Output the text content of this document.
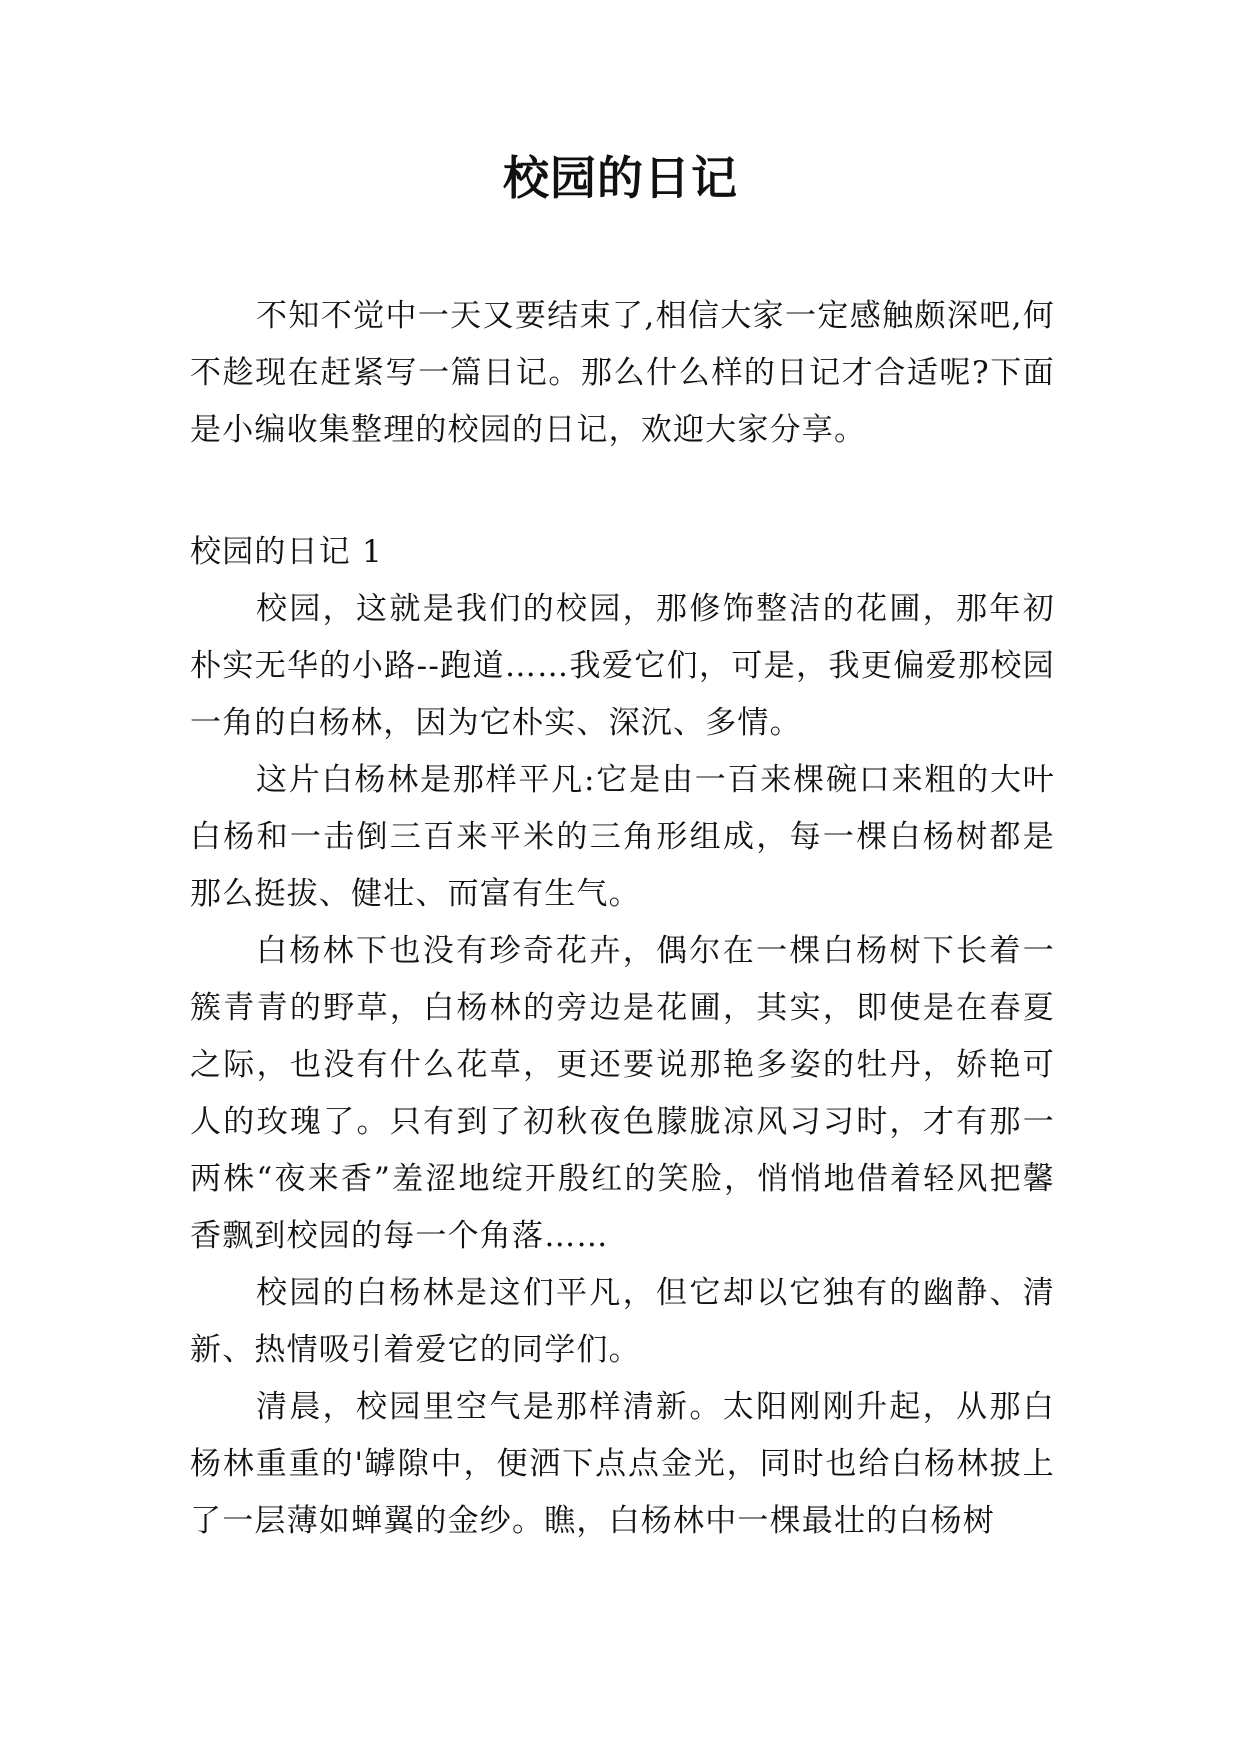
校园的日记

不知不觉中一天又要结束了,相信大家一定感触颇深吧,何不趁现在赶紧写一篇日记。那么什么样的日记才合适呢?下面是小编收集整理的校园的日记，欢迎大家分享。

校园的日记 1

校园，这就是我们的校园，那修饰整洁的花圃，那年初朴实无华的小路--跑道……我爱它们，可是，我更偏爱那校园一角的白杨林，因为它朴实、深沉、多情。

这片白杨林是那样平凡:它是由一百来棵碗口来粗的大叶白杨和一击倒三百来平米的三角形组成，每一棵白杨树都是那么挺拔、健壮、而富有生气。

白杨林下也没有珍奇花卉，偶尔在一棵白杨树下长着一簇青青的野草，白杨林的旁边是花圃，其实，即使是在春夏之际，也没有什么花草，更还要说那艳多姿的牡丹，娇艳可人的玫瑰了。只有到了初秋夜色朦胧凉风习习时，才有那一两株“夜来香”羞涩地绽开殷红的笑脸，悄悄地借着轻风把馨香飘到校园的每一个角落……

校园的白杨林是这们平凡，但它却以它独有的幽静、清新、热情吸引着爱它的同学们。

清晨，校园里空气是那样清新。太阳刚刚升起，从那白杨林重重的'罅隙中，便洒下点点金光，同时也给白杨林披上了一层薄如蝉翼的金纱。瞧，白杨林中一棵最壮的白杨树
